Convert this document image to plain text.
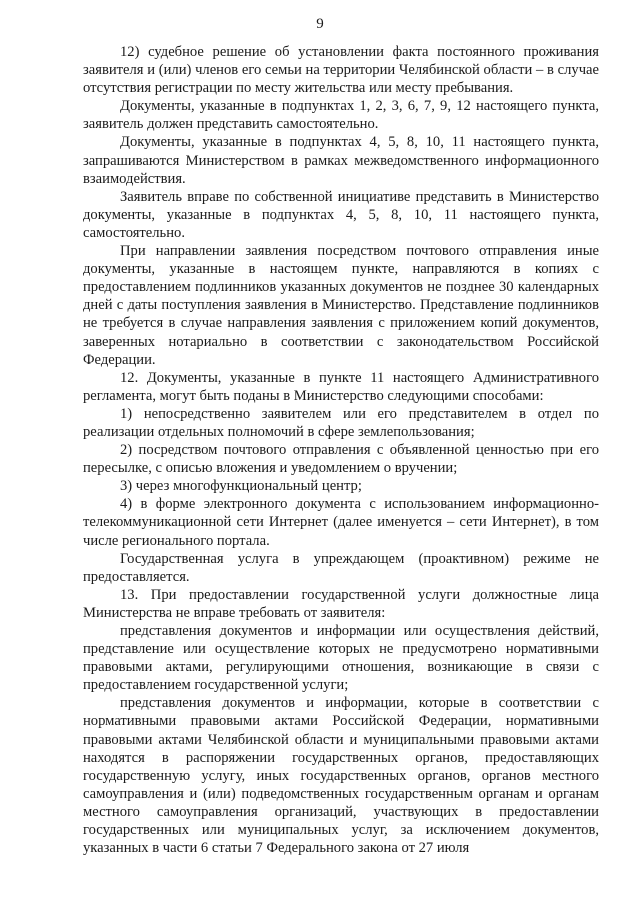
9

12) судебное решение об установлении факта постоянного проживания заявителя и (или) членов его семьи на территории Челябинской области – в случае отсутствия регистрации по месту жительства или месту пребывания.

Документы, указанные в подпунктах 1, 2, 3, 6, 7, 9, 12 настоящего пункта, заявитель должен представить самостоятельно.

Документы, указанные в подпунктах 4, 5, 8, 10, 11 настоящего пункта, запрашиваются Министерством в рамках межведомственного информационного взаимодействия.

Заявитель вправе по собственной инициативе представить в Министерство документы, указанные в подпунктах 4, 5, 8, 10, 11 настоящего пункта, самостоятельно.

При направлении заявления посредством почтового отправления иные документы, указанные в настоящем пункте, направляются в копиях с предоставлением подлинников указанных документов не позднее 30 календарных дней с даты поступления заявления в Министерство. Представление подлинников не требуется в случае направления заявления с приложением копий документов, заверенных нотариально в соответствии с законодательством Российской Федерации.

12. Документы, указанные в пункте 11 настоящего Административного регламента, могут быть поданы в Министерство следующими способами:

1) непосредственно заявителем или его представителем в отдел по реализации отдельных полномочий в сфере землепользования;

2) посредством почтового отправления с объявленной ценностью при его пересылке, с описью вложения и уведомлением о вручении;

3) через многофункциональный центр;

4) в форме электронного документа с использованием информационно-телекоммуникационной сети Интернет (далее именуется – сети Интернет), в том числе регионального портала.

Государственная услуга в упреждающем (проактивном) режиме не предоставляется.

13. При предоставлении государственной услуги должностные лица Министерства не вправе требовать от заявителя:

представления документов и информации или осуществления действий, представление или осуществление которых не предусмотрено нормативными правовыми актами, регулирующими отношения, возникающие в связи с предоставлением государственной услуги;

представления документов и информации, которые в соответствии с нормативными правовыми актами Российской Федерации, нормативными правовыми актами Челябинской области и муниципальными правовыми актами находятся в распоряжении государственных органов, предоставляющих государственную услугу, иных государственных органов, органов местного самоуправления и (или) подведомственных государственным органам и органам местного самоуправления организаций, участвующих в предоставлении государственных или муниципальных услуг, за исключением документов, указанных в части 6 статьи 7 Федерального закона от 27 июля
